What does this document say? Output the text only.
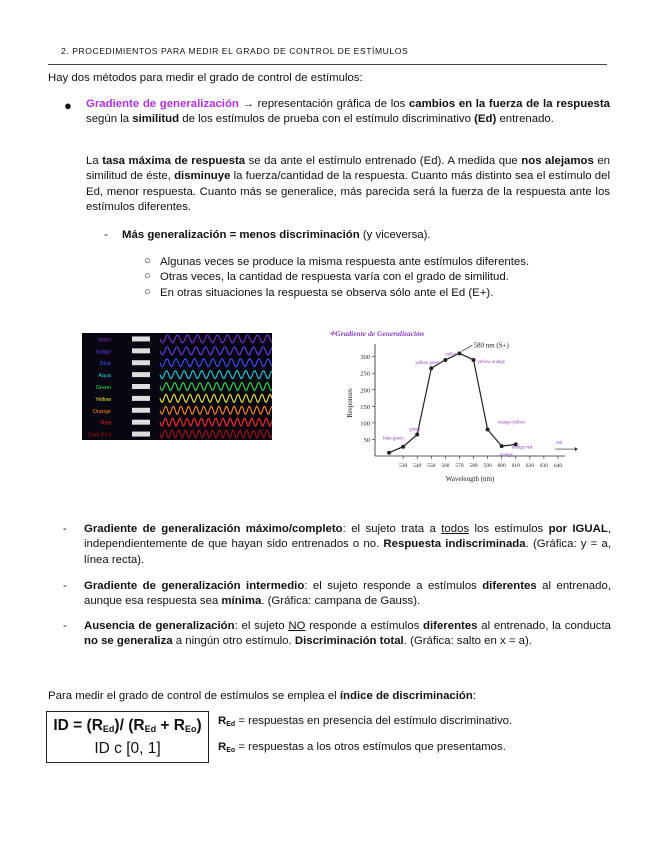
2. PROCEDIMIENTOS PARA MEDIR EL GRADO DE CONTROL DE ESTÍMULOS
Hay dos métodos para medir el grado de control de estímulos:
● Gradiente de generalización → representación gráfica de los cambios en la fuerza de la respuesta según la similitud de los estímulos de prueba con el estímulo discriminativo (Ed) entrenado.
La tasa máxima de respuesta se da ante el estímulo entrenado (Ed). A medida que nos alejamos en similitud de éste, disminuye la fuerza/cantidad de la respuesta. Cuanto más distinto sea el estímulo del Ed, menor respuesta. Cuanto más se generalice, más parecida será la fuerza de la respuesta ante los estímulos diferentes.
- Más generalización = menos discriminación (y viceversa).
○ Algunas veces se produce la misma respuesta ante estímulos diferentes.
○ Otras veces, la cantidad de respuesta varía con el grado de similitud.
○ En otras situaciones la respuesta se observa sólo ante el Ed (E+).
Violet
Indigo
Blue
Aqua
Green
Yellow
Orange
Red
Dark Red
✧Gradiente de Generalización
300
250
200
150
100
50
530 540 550 560 570 580 590 600 610 620 630 640
Responses
Wavelength (nm)
580 nm (S+)
yellow
yellow green	yellow orange
green
blue-green
orange-yellow
orange
orange red
red
- Gradiente de generalización máximo/completo: el sujeto trata a todos los estímulos por IGUAL, independientemente de que hayan sido entrenados o no. Respuesta indiscriminada. (Gráfica: y = a, línea recta).
- Gradiente de generalización intermedio: el sujeto responde a estímulos diferentes al entrenado, aunque esa respuesta sea mínima. (Gráfica: campana de Gauss).
- Ausencia de generalización: el sujeto NO responde a estímulos diferentes al entrenado, la conducta no se generaliza a ningún otro estímulo. Discriminación total. (Gráfica: salto en x = a).
Para medir el grado de control de estímulos se emplea el índice de discriminación:
ID = $(R_{Ed})/$ $(R_{Ed} + R_{Eo})$
ID c [0, 1]
$R_{Ed}$ = respuestas en presencia del estímulo discriminativo.
$R_{Eo}$ = respuestas a los otros estímulos que presentamos.
